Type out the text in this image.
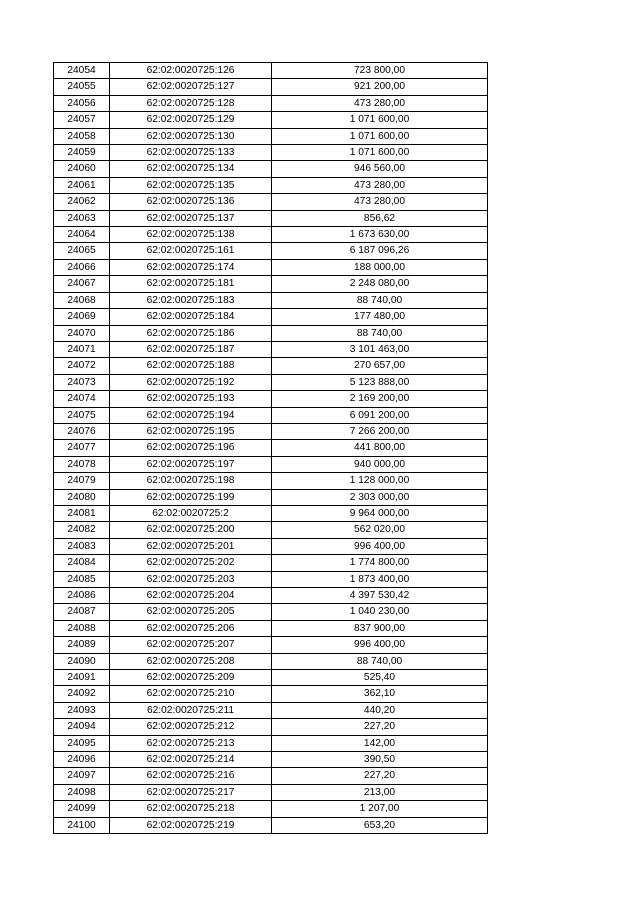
24054	62:02:0020725:126	723 800,00
24055	62:02:0020725:127	921 200,00
24056	62:02:0020725:128	473 280,00
24057	62:02:0020725:129	1 071 600,00
24058	62:02:0020725:130	1 071 600,00
24059	62:02:0020725:133	1 071 600,00
24060	62:02:0020725:134	946 560,00
24061	62:02:0020725:135	473 280,00
24062	62:02:0020725:136	473 280,00
24063	62:02:0020725:137	856,62
24064	62:02:0020725:138	1 673 630,00
24065	62:02:0020725:161	6 187 096,26
24066	62:02:0020725:174	188 000,00
24067	62:02:0020725:181	2 248 080,00
24068	62:02:0020725:183	88 740,00
24069	62:02:0020725:184	177 480,00
24070	62:02:0020725:186	88 740,00
24071	62:02:0020725:187	3 101 463,00
24072	62:02:0020725:188	270 657,00
24073	62:02:0020725:192	5 123 888,00
24074	62:02:0020725:193	2 169 200,00
24075	62:02:0020725:194	6 091 200,00
24076	62:02:0020725:195	7 266 200,00
24077	62:02:0020725:196	441 800,00
24078	62:02:0020725:197	940 000,00
24079	62:02:0020725:198	1 128 000,00
24080	62:02:0020725:199	2 303 000,00
24081	62:02:0020725:2	9 964 000,00
24082	62:02:0020725:200	562 020,00
24083	62:02:0020725:201	996 400,00
24084	62:02:0020725:202	1 774 800,00
24085	62:02:0020725:203	1 873 400,00
24086	62:02:0020725:204	4 397 530,42
24087	62:02:0020725:205	1 040 230,00
24088	62:02:0020725:206	837 900,00
24089	62:02:0020725:207	996 400,00
24090	62:02:0020725:208	88 740,00
24091	62:02:0020725:209	525,40
24092	62:02:0020725:210	362,10
24093	62:02:0020725:211	440,20
24094	62:02:0020725:212	227,20
24095	62:02:0020725:213	142,00
24096	62:02:0020725:214	390,50
24097	62:02:0020725:216	227,20
24098	62:02:0020725:217	213,00
24099	62:02:0020725:218	1 207,00
24100	62:02:0020725:219	653,20
